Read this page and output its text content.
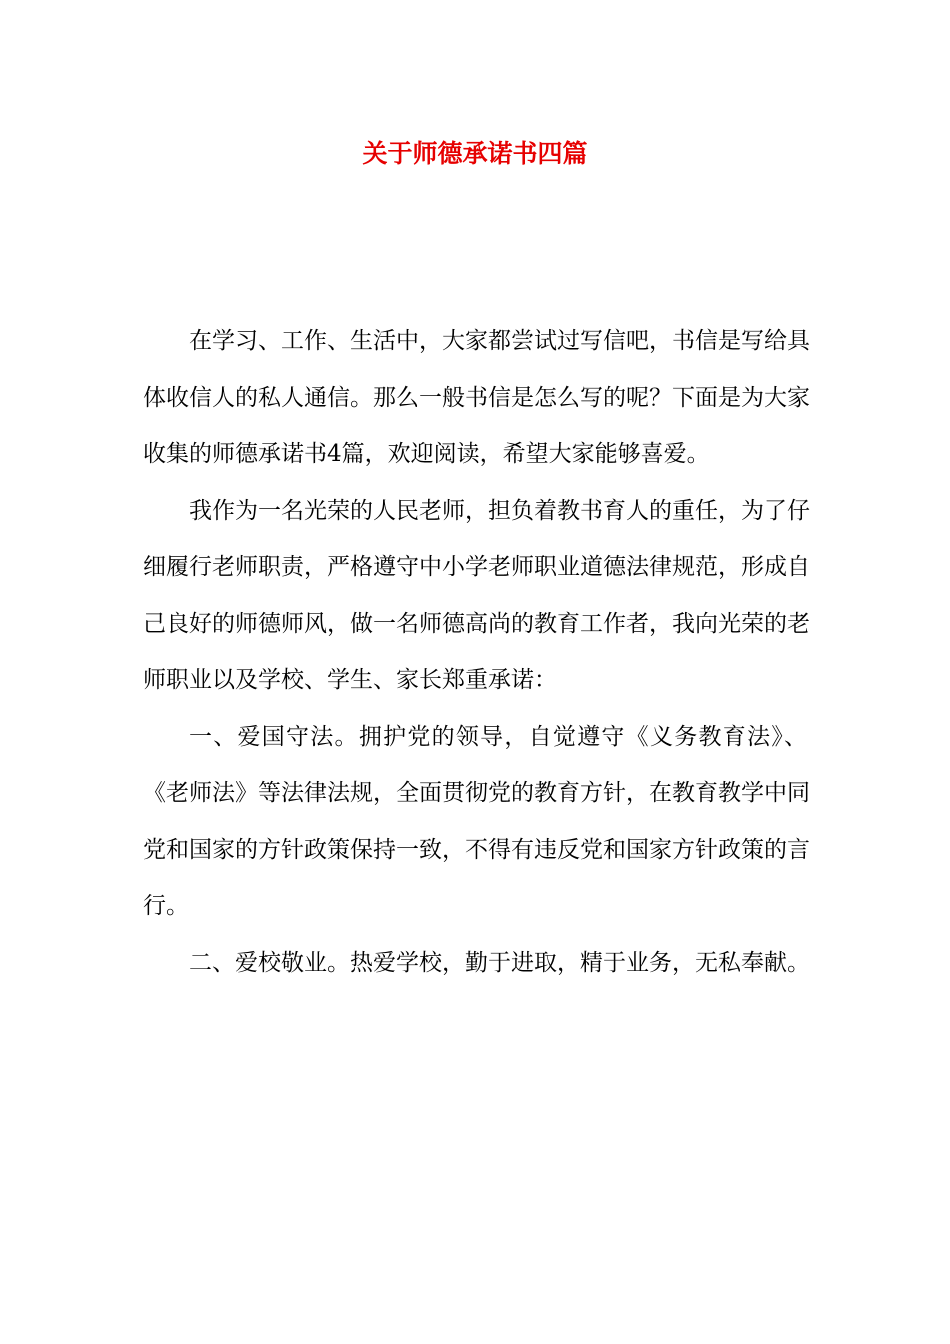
关于师德承诺书四篇

在学习、工作、生活中，大家都尝试过写信吧，书信是写给具
体收信人的私人通信。那么一般书信是怎么写的呢？下面是为大家
收集的师德承诺书4篇，欢迎阅读，希望大家能够喜爱。

我作为一名光荣的人民老师，担负着教书育人的重任，为了仔
细履行老师职责，严格遵守中小学老师职业道德法律规范，形成自
己良好的师德师风，做一名师德高尚的教育工作者，我向光荣的老
师职业以及学校、学生、家长郑重承诺：

一、爱国守法。拥护党的领导，自觉遵守《义务教育法》、
《老师法》等法律法规，全面贯彻党的教育方针，在教育教学中同
党和国家的方针政策保持一致，不得有违反党和国家方针政策的言
行。

二、爱校敬业。热爱学校，勤于进取，精于业务，无私奉献。
